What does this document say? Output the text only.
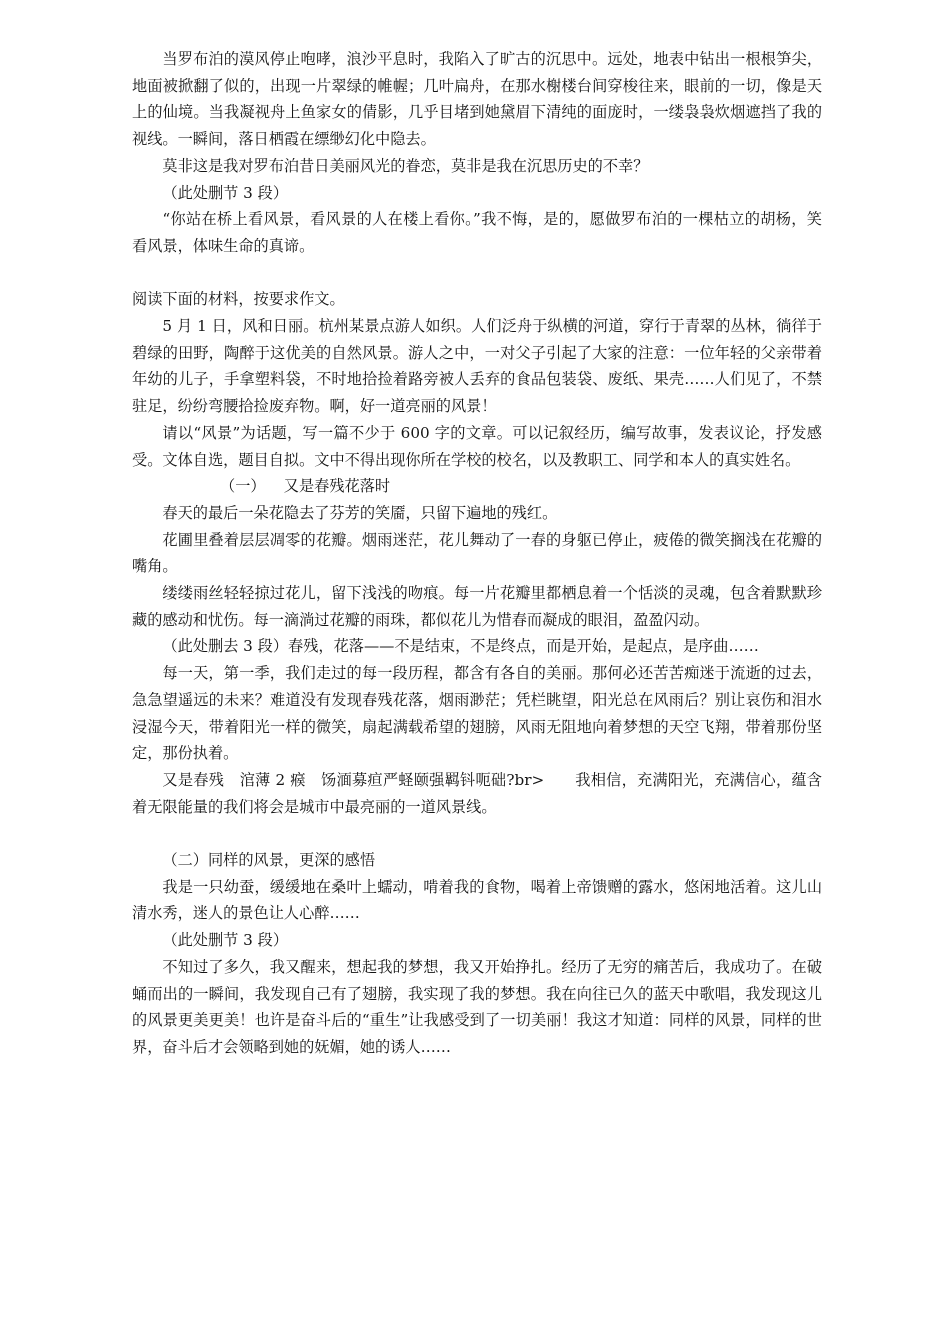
当罗布泊的漠风停止咆哮，浪沙平息时，我陷入了旷古的沉思中。远处，地表中钻出一根根笋尖，地面被掀翻了似的，出现一片翠绿的帷幄；几叶扁舟，在那水榭楼台间穿梭往来，眼前的一切，像是天上的仙境。当我凝视舟上鱼家女的倩影，几乎目堵到她黛眉下清纯的面庞时，一缕袅袅炊烟遮挡了我的视线。一瞬间，落日栖霞在缥缈幻化中隐去。

莫非这是我对罗布泊昔日美丽风光的眷恋，莫非是我在沉思历史的不幸？

（此处删节 3 段）

“你站在桥上看风景，看风景的人在楼上看你。”我不悔，是的，愿做罗布泊的一棵枯立的胡杨，笑看风景，体味生命的真谛。

阅读下面的材料，按要求作文。

5 月 1 日，风和日丽。杭州某景点游人如织。人们泛舟于纵横的河道，穿行于青翠的丛林，徜徉于碧绿的田野，陶醉于这优美的自然风景。游人之中，一对父子引起了大家的注意：一位年轻的父亲带着年幼的儿子，手拿塑料袋，不时地拾捡着路旁被人丢弃的食品包装袋、废纸、果壳……人们见了，不禁驻足，纷纷弯腰拾捡废弃物。啊，好一道亮丽的风景！

请以“风景”为话题，写一篇不少于 600 字的文章。可以记叙经历，编写故事，发表议论，抒发感受。文体自选，题目自拟。文中不得出现你所在学校的校名，以及教职工、同学和本人的真实姓名。

（一） 又是春残花落时

春天的最后一朵花隐去了芬芳的笑靥，只留下遍地的残红。

花圃里叠着层层凋零的花瓣。烟雨迷茫，花儿舞动了一春的身躯已停止，疲倦的微笑搁浅在花瓣的嘴角。

缕缕雨丝轻轻掠过花儿，留下浅浅的吻痕。每一片花瓣里都栖息着一个恬淡的灵魂，包含着默默珍藏的感动和忧伤。每一滴淌过花瓣的雨珠，都似花儿为惜春而凝成的眼泪，盈盈闪动。

（此处删去 3 段）春残，花落——不是结束，不是终点，而是开始，是起点，是序曲……

每一天，第一季，我们走过的每一段历程，都含有各自的美丽。那何必还苦苦痴迷于流逝的过去，急急望遥远的未来？难道没有发现春残花落，烟雨渺茫；凭栏眺望，阳光总在风雨后？别让哀伤和泪水浸湿今天，带着阳光一样的微笑，扇起满载希望的翅膀，风雨无阻地向着梦想的天空飞翔，带着那份坚定，那份执着。

又是春残　涫薄 2 瘊　饧湎募疸严蛏颐强羁钭呃础?br>　　我相信，充满阳光，充满信心，蕴含着无限能量的我们将会是城市中最亮丽的一道风景线。

（二）同样的风景，更深的感悟

我是一只幼蚕，缓缓地在桑叶上蠕动，啃着我的食物，喝着上帝馈赠的露水，悠闲地活着。这儿山清水秀，迷人的景色让人心醉……

（此处删节 3 段）

不知过了多久，我又醒来，想起我的梦想，我又开始挣扎。经历了无穷的痛苦后，我成功了。在破蛹而出的一瞬间，我发现自己有了翅膀，我实现了我的梦想。我在向往已久的蓝天中歌唱，我发现这儿的风景更美更美！也许是奋斗后的“重生”让我感受到了一切美丽！我这才知道：同样的风景，同样的世界，奋斗后才会领略到她的妩媚，她的诱人……
